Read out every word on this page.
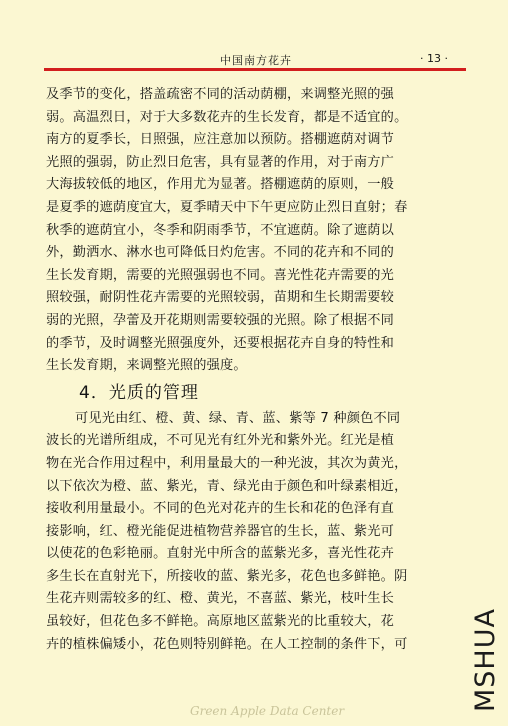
中国南方花卉	· 13 ·
及季节的变化，搭盖疏密不同的活动荫棚，来调整光照的强
弱。高温烈日，对于大多数花卉的生长发育，都是不适宜的。
南方的夏季长，日照强，应注意加以预防。搭棚遮荫对调节
光照的强弱，防止烈日危害，具有显著的作用，对于南方广
大海拔较低的地区，作用尤为显著。搭棚遮荫的原则，一般
是夏季的遮荫度宜大，夏季晴天中下午更应防止烈日直射；春
秋季的遮荫宜小，冬季和阴雨季节，不宜遮荫。除了遮荫以
外，勤洒水、淋水也可降低日灼危害。不同的花卉和不同的
生长发育期，需要的光照强弱也不同。喜光性花卉需要的光
照较强，耐阴性花卉需要的光照较弱，苗期和生长期需要较
弱的光照，孕蕾及开花期则需要较强的光照。除了根据不同
的季节，及时调整光照强度外，还要根据花卉自身的特性和
生长发育期，来调整光照的强度。
4．光质的管理
可见光由红、橙、黄、绿、青、蓝、紫等 7 种颜色不同
波长的光谱所组成，不可见光有红外光和紫外光。红光是植
物在光合作用过程中，利用量最大的一种光波，其次为黄光，
以下依次为橙、蓝、紫光，青、绿光由于颜色和叶绿素相近，
接收利用量最小。不同的色光对花卉的生长和花的色泽有直
接影响，红、橙光能促进植物营养器官的生长，蓝、紫光可
以使花的色彩艳丽。直射光中所含的蓝紫光多，喜光性花卉
多生长在直射光下，所接收的蓝、紫光多，花色也多鲜艳。阴
生花卉则需较多的红、橙、黄光，不喜蓝、紫光，枝叶生长
虽较好，但花色多不鲜艳。高原地区蓝紫光的比重较大，花
卉的植株偏矮小，花色则特别鲜艳。在人工控制的条件下，可
Green Apple Data Center	MSHUA
